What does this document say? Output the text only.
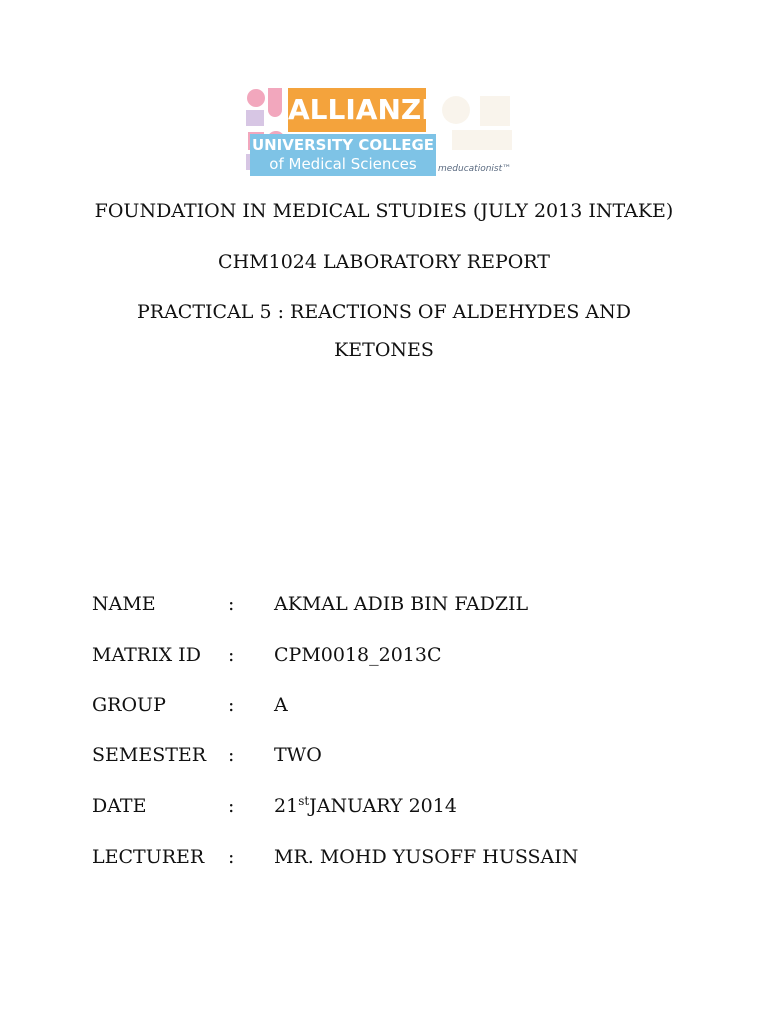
ALLIANZE
UNIVERSITY COLLEGE
of Medical Sciences	meducationist™
FOUNDATION IN MEDICAL STUDIES (JULY 2013 INTAKE)
CHM1024 LABORATORY REPORT
PRACTICAL 5 : REACTIONS OF ALDEHYDES AND
KETONES
NAME	: AKMAL ADIB BIN FADZIL
MATRIX ID : CPM0018_2013C
GROUP	: A
SEMESTER : TWO
DATE	: 21stJANUARY 2014
LECTURER : MR. MOHD YUSOFF HUSSAIN
